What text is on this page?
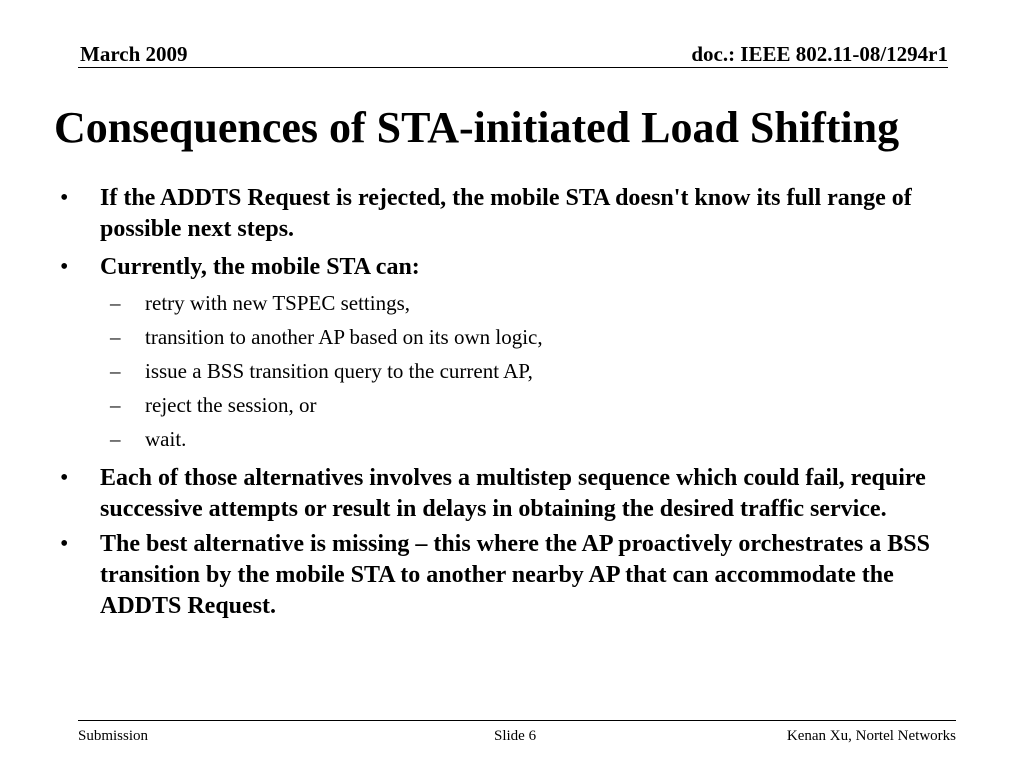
March 2009	doc.: IEEE 802.11-08/1294r1
Consequences of STA-initiated Load Shifting
• If the ADDTS Request is rejected, the mobile STA doesn't know its full range of possible next steps.
• Currently, the mobile STA can:
– retry with new TSPEC settings,
– transition to another AP based on its own logic,
– issue a BSS transition query to the current AP,
– reject the session, or
– wait.
• Each of those alternatives involves a multistep sequence which could fail, require successive attempts or result in delays in obtaining the desired traffic service.
• The best alternative is missing – this where the AP proactively orchestrates a BSS transition by the mobile STA to another nearby AP that can accommodate the ADDTS Request.
Submission	Slide 6	Kenan Xu, Nortel Networks
